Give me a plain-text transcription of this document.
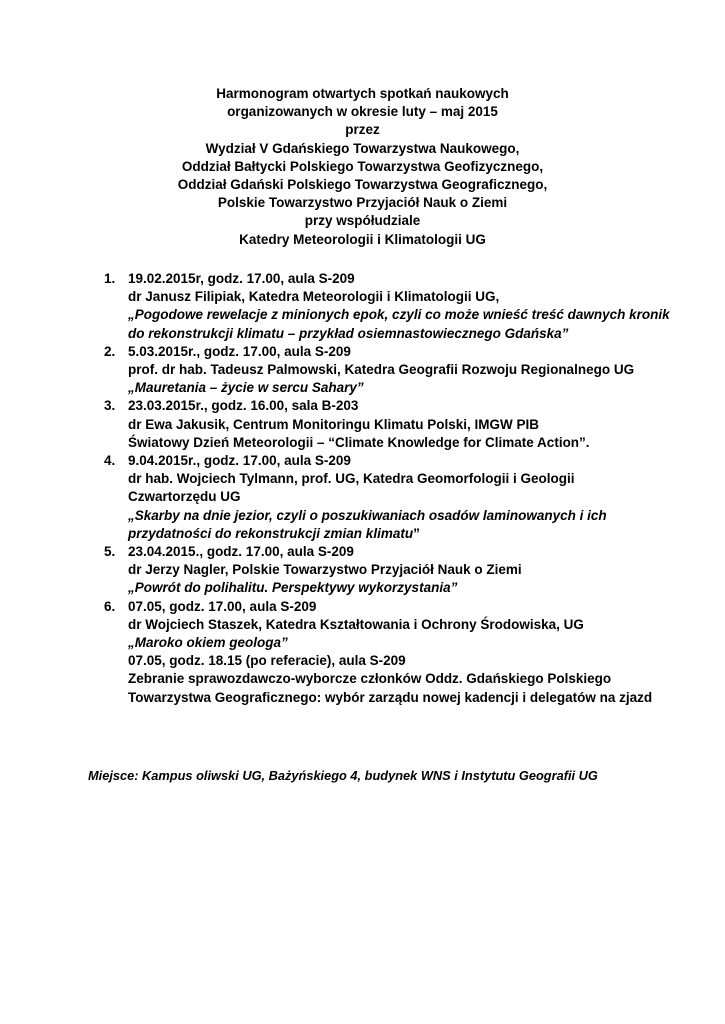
Harmonogram otwartych spotkań naukowych
organizowanych w okresie luty – maj 2015
przez
Wydział V Gdańskiego Towarzystwa Naukowego,
Oddział Bałtycki Polskiego Towarzystwa Geofizycznego,
Oddział Gdański Polskiego Towarzystwa Geograficznego,
Polskie Towarzystwo Przyjaciół Nauk o Ziemi
przy współudziale
Katedry Meteorologii i Klimatologii UG
1. 19.02.2015r, godz. 17.00, aula S-209
dr Janusz Filipiak, Katedra Meteorologii i Klimatologii UG,
„Pogodowe rewelacje z minionych epok, czyli co może wnieść treść dawnych kronik
do rekonstrukcji klimatu – przykład osiemnastowiecznego Gdańska”
2. 5.03.2015r., godz. 17.00, aula S-209
prof. dr hab. Tadeusz Palmowski, Katedra Geografii Rozwoju Regionalnego UG
„Mauretania – życie w sercu Sahary”
3. 23.03.2015r., godz. 16.00, sala B-203
dr Ewa Jakusik, Centrum Monitoringu Klimatu Polski, IMGW PIB
Światowy Dzień Meteorologii – “Climate Knowledge for Climate Action”.
4. 9.04.2015r., godz. 17.00, aula S-209
dr hab. Wojciech Tylmann, prof. UG, Katedra Geomorfologii i Geologii
Czwartorzędu UG
„Skarby na dnie jezior, czyli o poszukiwaniach osadów laminowanych i ich
przydatności do rekonstrukcji zmian klimatu”
5. 23.04.2015., godz. 17.00, aula S-209
dr Jerzy Nagler, Polskie Towarzystwo Przyjaciół Nauk o Ziemi
„Powrót do polihalitu. Perspektywy wykorzystania”
6. 07.05, godz. 17.00, aula S-209
dr Wojciech Staszek, Katedra Kształtowania i Ochrony Środowiska, UG
„Maroko okiem geologa”
07.05, godz. 18.15 (po referacie), aula S-209
Zebranie sprawozdawczo-wyborcze członków Oddz. Gdańskiego Polskiego
Towarzystwa Geograficznego: wybór zarządu nowej kadencji i delegatów na zjazd
Miejsce: Kampus oliwski UG, Bażyńskiego 4, budynek WNS i Instytutu Geografii UG
